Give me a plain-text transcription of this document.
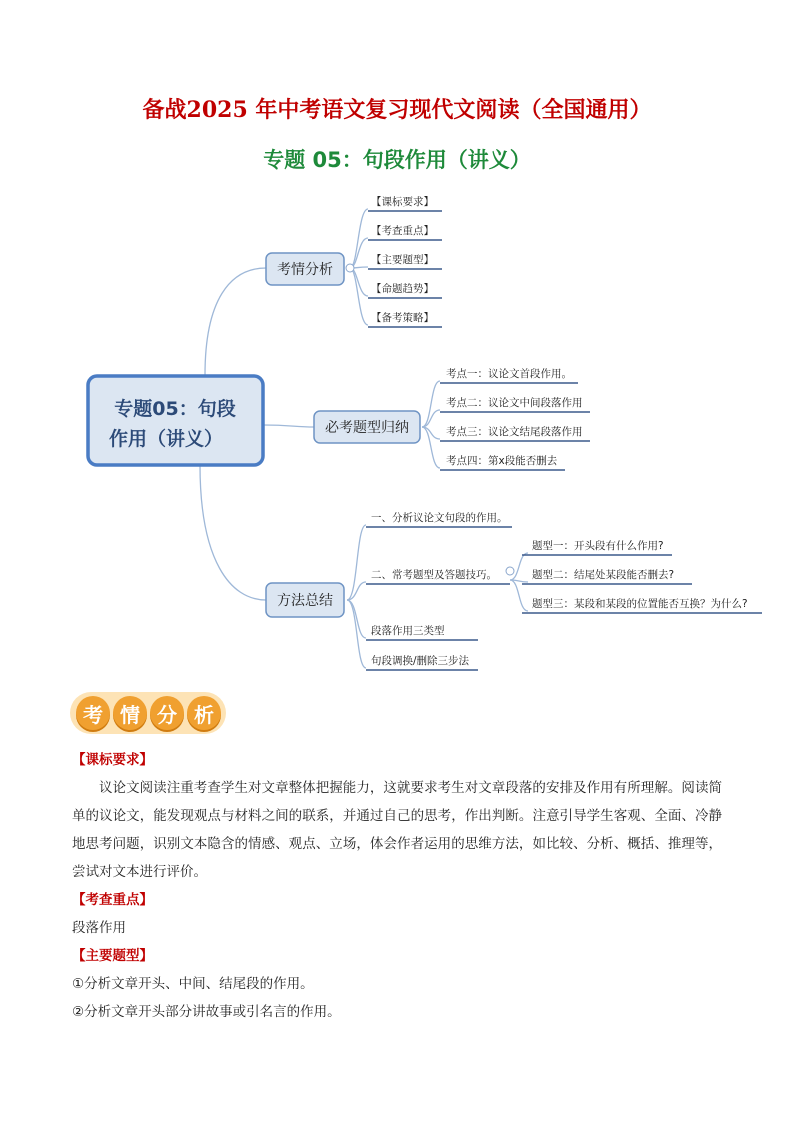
备战2025 年中考语文复习现代文阅读（全国通用）
专题 05：句段作用（讲义）
专题05：句段
作用（讲义）
考情分析
必考题型归纳
方法总结
【课标要求】
【考查重点】
【主要题型】
【命题趋势】
【备考策略】
考点一：议论文首段作用。
考点二：议论文中间段落作用
考点三：议论文结尾段落作用
考点四：第x段能否删去
一、分析议论文句段的作用。
二、常考题型及答题技巧。
段落作用三类型
句段调换/删除三步法
题型一：开头段有什么作用?
题型二：结尾处某段能否删去?
题型三：某段和某段的位置能否互换？为什么?
考 情 分 析
【课标要求】
议论文阅读注重考查学生对文章整体把握能力，这就要求考生对文章段落的安排及作用有所理解。阅读简单的议论文，能发现观点与材料之间的联系，并通过自己的思考，作出判断。注意引导学生客观、全面、冷静地思考问题，识别文本隐含的情感、观点、立场，体会作者运用的思维方法，如比较、分析、概括、推理等，尝试对文本进行评价。
【考查重点】
段落作用
【主要题型】
①分析文章开头、中间、结尾段的作用。
②分析文章开头部分讲故事或引名言的作用。
